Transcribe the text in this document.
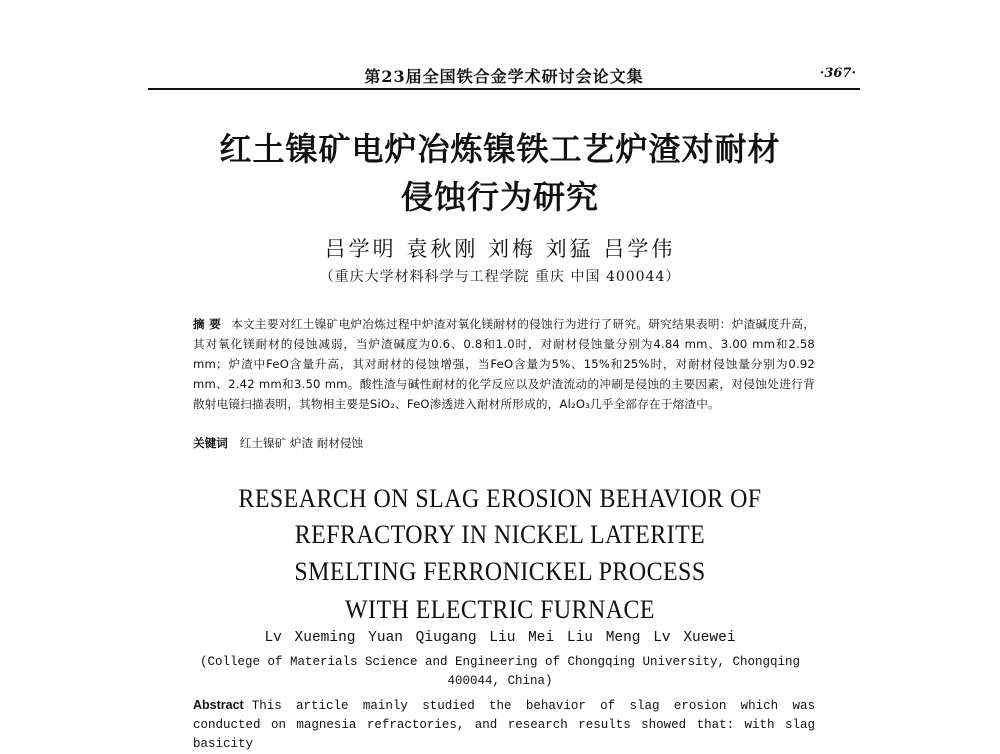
第23届全国铁合金学术研讨会论文集	·367·
红土镍矿电炉冶炼镍铁工艺炉渣对耐材
侵蚀行为研究
吕学明 袁秋刚 刘梅 刘猛 吕学伟
（重庆大学材料科学与工程学院 重庆 中国 400044）
摘 要 本文主要对红土镍矿电炉冶炼过程中炉渣对氧化镁耐材的侵蚀行为进行了研究。研究结果表明：炉渣碱度升高，其对氧化镁耐材的侵蚀减弱，当炉渣碱度为0.6、0.8和1.0时，对耐材侵蚀量分别为4.84 mm、3.00 mm和2.58 mm；炉渣中FeO含量升高，其对耐材的侵蚀增强，当FeO含量为5%、15%和25%时，对耐材侵蚀量分别为0.92 mm、2.42 mm和3.50 mm。酸性渣与碱性耐材的化学反应以及炉渣流动的冲刷是侵蚀的主要因素，对侵蚀处进行背散射电镜扫描表明，其物相主要是SiO₂、FeO渗透进入耐材所形成的，Al₂O₃几乎全部存在于熔渣中。
关键词 红土镍矿 炉渣 耐材侵蚀
RESEARCH ON SLAG EROSION BEHAVIOR OF
REFRACTORY IN NICKEL LATERITE
SMELTING FERRONICKEL PROCESS
WITH ELECTRIC FURNACE
Lv Xueming Yuan Qiugang Liu Mei Liu Meng Lv Xuewei
(College of Materials Science and Engineering of Chongqing University, Chongqing 400044, China)
Abstract This article mainly studied the behavior of slag erosion which was conducted on magnesia refractories, and research results showed that: with slag basicity
